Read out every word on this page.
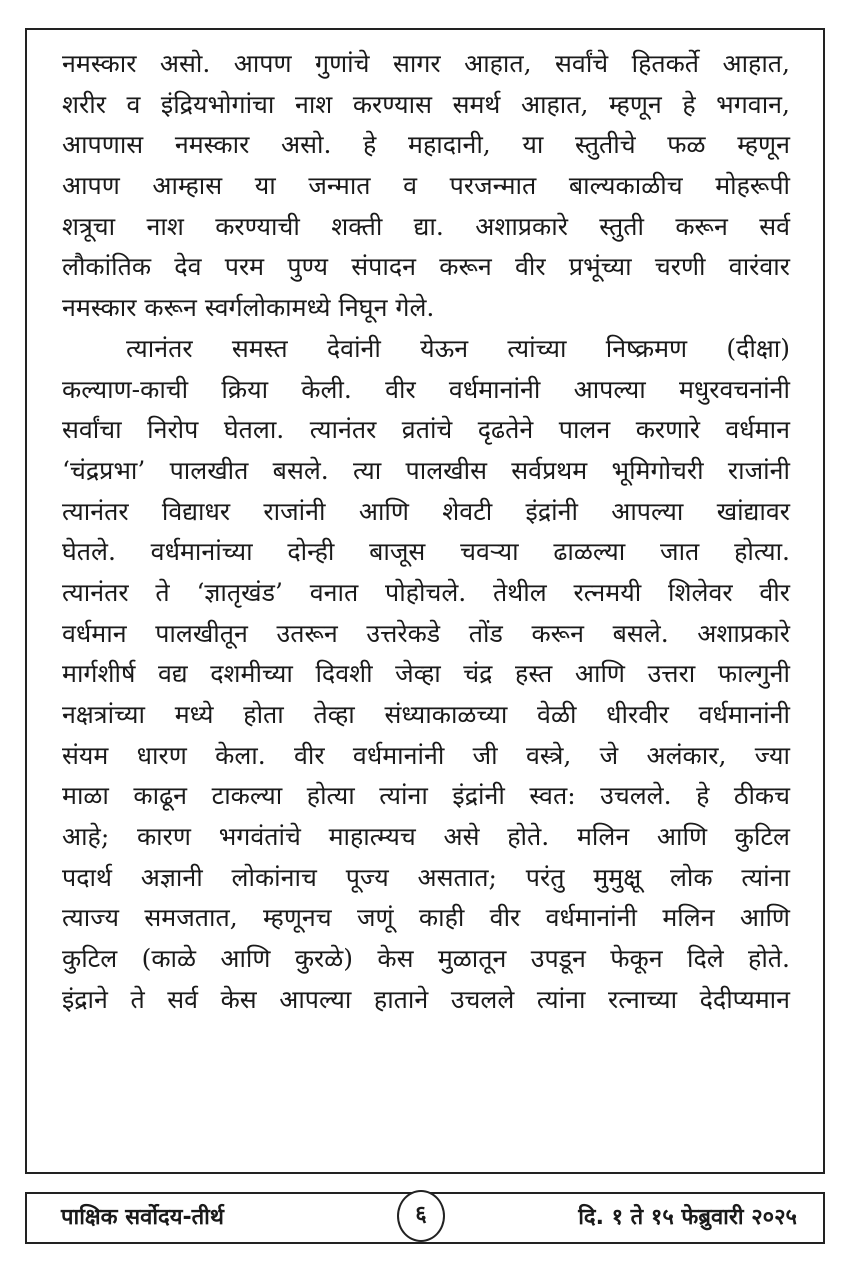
नमस्कार असो. आपण गुणांचे सागर आहात, सर्वांचे हितकर्ते आहात,
शरीर व इंद्रियभोगांचा नाश करण्यास समर्थ आहात, म्हणून हे भगवान,
आपणास नमस्कार असो. हे महादानी, या स्तुतीचे फळ म्हणून
आपण आम्हास या जन्मात व परजन्मात बाल्यकाळीच मोहरूपी
शत्रूचा नाश करण्याची शक्ती द्या. अशाप्रकारे स्तुती करून सर्व
लौकांतिक देव परम पुण्य संपादन करून वीर प्रभूंच्या चरणी वारंवार
नमस्कार करून स्वर्गलोकामध्ये निघून गेले.
त्यानंतर समस्त देवांनी येऊन त्यांच्या निष्क्रमण (दीक्षा)
कल्याण-काची क्रिया केली. वीर वर्धमानांनी आपल्या मधुरवचनांनी
सर्वांचा निरोप घेतला. त्यानंतर व्रतांचे दृढतेने पालन करणारे वर्धमान
‘चंद्रप्रभा’ पालखीत बसले. त्या पालखीस सर्वप्रथम भूमिगोचरी राजांनी
त्यानंतर विद्याधर राजांनी आणि शेवटी इंद्रांनी आपल्या खांद्यावर
घेतले. वर्धमानांच्या दोन्ही बाजूस चवऱ्या ढाळल्या जात होत्या.
त्यानंतर ते ‘ज्ञातृखंड’ वनात पोहोचले. तेथील रत्नमयी शिलेवर वीर
वर्धमान पालखीतून उतरून उत्तरेकडे तोंड करून बसले. अशाप्रकारे
मार्गशीर्ष वद्य दशमीच्या दिवशी जेव्हा चंद्र हस्त आणि उत्तरा फाल्गुनी
नक्षत्रांच्या मध्ये होता तेव्हा संध्याकाळच्या वेळी धीरवीर वर्धमानांनी
संयम धारण केला. वीर वर्धमानांनी जी वस्त्रे, जे अलंकार, ज्या
माळा काढून टाकल्या होत्या त्यांना इंद्रांनी स्वत: उचलले. हे ठीकच
आहे; कारण भगवंतांचे माहात्म्यच असे होते. मलिन आणि कुटिल
पदार्थ अज्ञानी लोकांनाच पूज्य असतात; परंतु मुमुक्षू लोक त्यांना
त्याज्य समजतात, म्हणूनच जणूं काही वीर वर्धमानांनी मलिन आणि
कुटिल (काळे आणि कुरळे) केस मुळातून उपडून फेकून दिले होते.
इंद्राने ते सर्व केस आपल्या हाताने उचलले त्यांना रत्नाच्या देदीप्यमान
पाक्षिक सर्वोदय-तीर्थ	६	दि. १ ते १५ फेब्रुवारी २०२५
